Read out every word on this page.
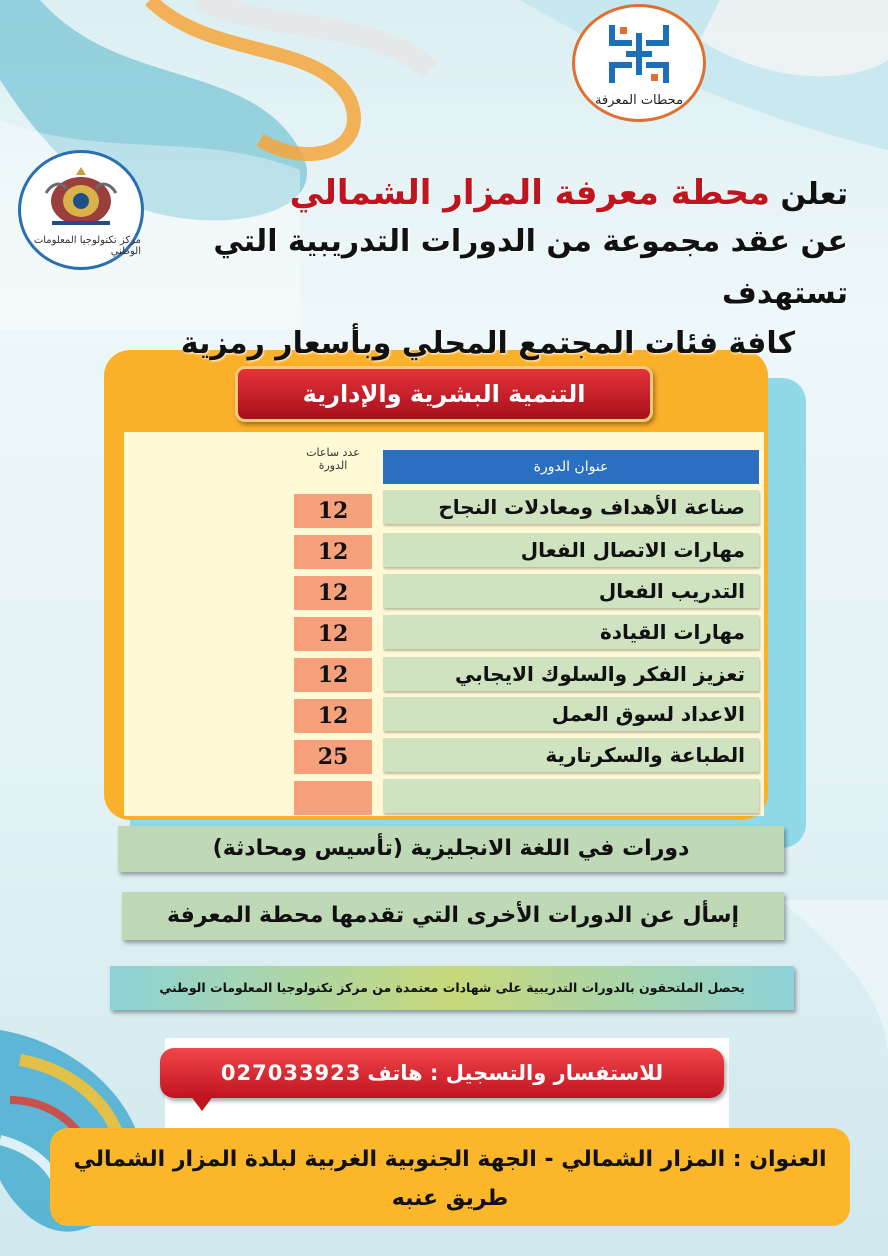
محطات المعرفة
مركز تكنولوجيا المعلومات الوطني
تعلن محطة معرفة المزار الشمالي
عن عقد مجموعة من الدورات التدريبية التي تستهدف
كافة فئات المجتمع المحلي وبأسعار رمزية
التنمية البشرية والإدارية
عدد ساعات الدورة	عنوان الدورة
صناعة الأهداف ومعادلات النجاح
12
مهارات الاتصال الفعال
12
التدريب الفعال
12
مهارات القيادة
12
تعزيز الفكر والسلوك الايجابي
12
الاعداد لسوق العمل
12
الطباعة والسكرتارية
25
دورات في اللغة الانجليزية (تأسيس ومحادثة)
إسأل عن الدورات الأخرى التي تقدمها محطة المعرفة
يحصل الملتحقون بالدورات التدريبية على شهادات معتمدة من مركز تكنولوجيا المعلومات الوطني
للاستفسار والتسجيل : هاتف
027033923
العنوان : المزار الشمالي - الجهة الجنوبية الغربية لبلدة المزار الشمالي
طريق عنبه
